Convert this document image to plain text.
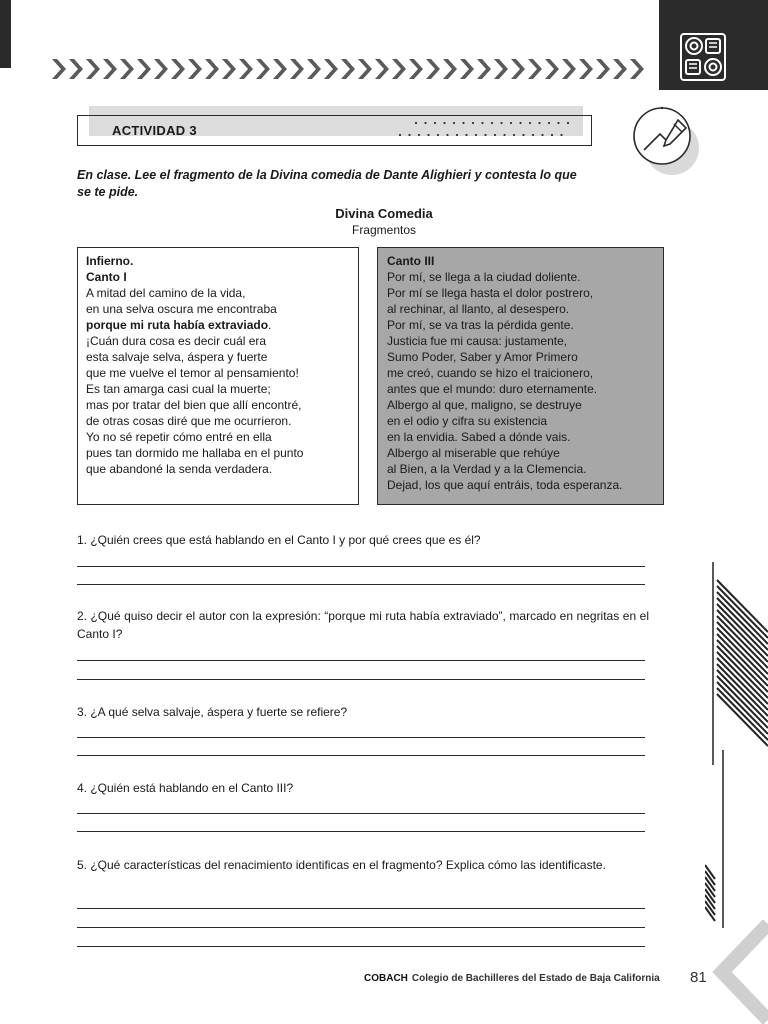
ACTIVIDAD 3
En clase. Lee el fragmento de la Divina comedia de Dante Alighieri y contesta lo que se te pide.
Divina Comedia
Fragmentos
Infierno.
Canto I
A mitad del camino de la vida,
en una selva oscura me encontraba
porque mi ruta había extraviado.
¡Cuán dura cosa es decir cuál era
esta salvaje selva, áspera y fuerte
que me vuelve el temor al pensamiento!
Es tan amarga casi cual la muerte;
mas por tratar del bien que allí encontré,
de otras cosas diré que me ocurrieron.
Yo no sé repetir cómo entré en ella
pues tan dormido me hallaba en el punto
que abandoné la senda verdadera.
Canto III
Por mí, se llega a la ciudad doliente.
Por mí se llega hasta el dolor postrero,
al rechinar, al llanto, al desespero.
Por mí, se va tras la pérdida gente.
Justicia fue mi causa: justamente,
Sumo Poder, Saber y Amor Primero
me creó, cuando se hizo el traicionero,
antes que el mundo: duro eternamente.
Albergo al que, maligno, se destruye
en el odio y cifra su existencia
en la envidia. Sabed a dónde vais.
Albergo al miserable que rehúye
al Bien, a la Verdad y a la Clemencia.
Dejad, los que aquí entráis, toda esperanza.
1. ¿Quién crees que está hablando en el Canto I y por qué crees que es él?
2. ¿Qué quiso decir el autor con la expresión: “porque mi ruta había extraviado”, marcado en negritas en el Canto I?
3. ¿A qué selva salvaje, áspera y fuerte se refiere?
4. ¿Quién está hablando en el Canto III?
5. ¿Qué características del renacimiento identificas en el fragmento? Explica cómo las identificaste.
COBACH Colegio de Bachilleres del Estado de Baja California 81
